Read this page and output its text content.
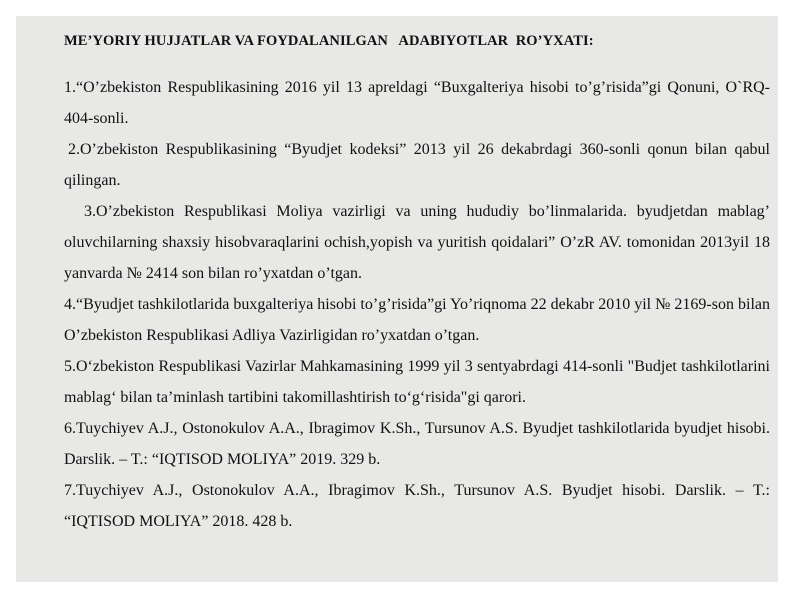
ME’YORIY HUJJATLAR VA FOYDALANILGAN   ADABIYOTLAR  RO’YXATI:

1.“O’zbekiston Respublikasining 2016 yil 13 apreldagi “Buxgalteriya hisobi to’g’risida”gi Qonuni, O`RQ-404-sonli.

2.O’zbekiston Respublikasining “Byudjet kodeksi” 2013 yil 26 dekabrdagi 360-sonli qonun bilan qabul qilingan.

3.O’zbekiston Respublikasi Moliya vazirligi va uning hududiy bo’linmalarida. byudjetdan mablag’ oluvchilarning shaxsiy hisobvaraqlarini ochish,yopish va yuritish qoidalari” O’zR AV. tomonidan 2013yil 18 yanvarda № 2414 son bilan ro’yxatdan o’tgan.

4.“Byudjet tashkilotlarida buxgalteriya hisobi to’g’risida”gi Yo’riqnoma 22 dekabr 2010 yil № 2169-son bilan O’zbekiston Respublikasi Adliya Vazirligidan ro’yxatdan o’tgan.

5.O‘zbekiston Respublikasi Vazirlar Mahkamasining 1999 yil 3 sentyabrdagi 414-sonli "Budjet tashkilotlarini mablag‘ bilan ta’minlash tartibini takomillashtirish to‘g‘risida"gi qarori.

6.Tuychiyev A.J., Ostonokulov A.A., Ibragimov K.Sh., Tursunov A.S. Byudjet tashkilotlarida byudjet hisobi. Darslik. – T.: “IQTISOD MOLIYA” 2019. 329 b.

7.Tuychiyev A.J., Ostonokulov A.A., Ibragimov K.Sh., Tursunov A.S. Byudjet hisobi. Darslik. – T.: “IQTISOD MOLIYA” 2018. 428 b.
